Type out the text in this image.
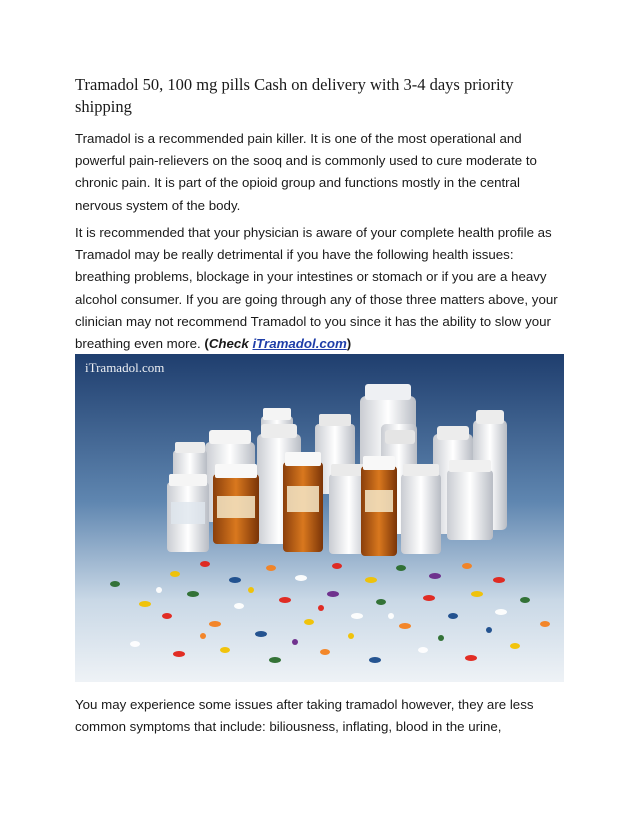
Tramadol 50, 100 mg pills Cash on delivery with 3-4 days priority shipping
Tramadol is a recommended pain killer. It is one of the most operational and powerful pain-relievers on the sooq and is commonly used to cure moderate to chronic pain. It is part of the opioid group and functions mostly in the central nervous system of the body.
It is recommended that your physician is aware of your complete health profile as Tramadol may be really detrimental if you have the following health issues: breathing problems, blockage in your intestines or stomach or if you are a heavy alcohol consumer. If you are going through any of those three matters above, your clinician may not recommend Tramadol to you since it has the ability to slow your breathing even more. (Check iTramadol.com)
iTramadol.com
You may experience some issues after taking tramadol however, they are less common symptoms that include: biliousness, inflating, blood in the urine,
